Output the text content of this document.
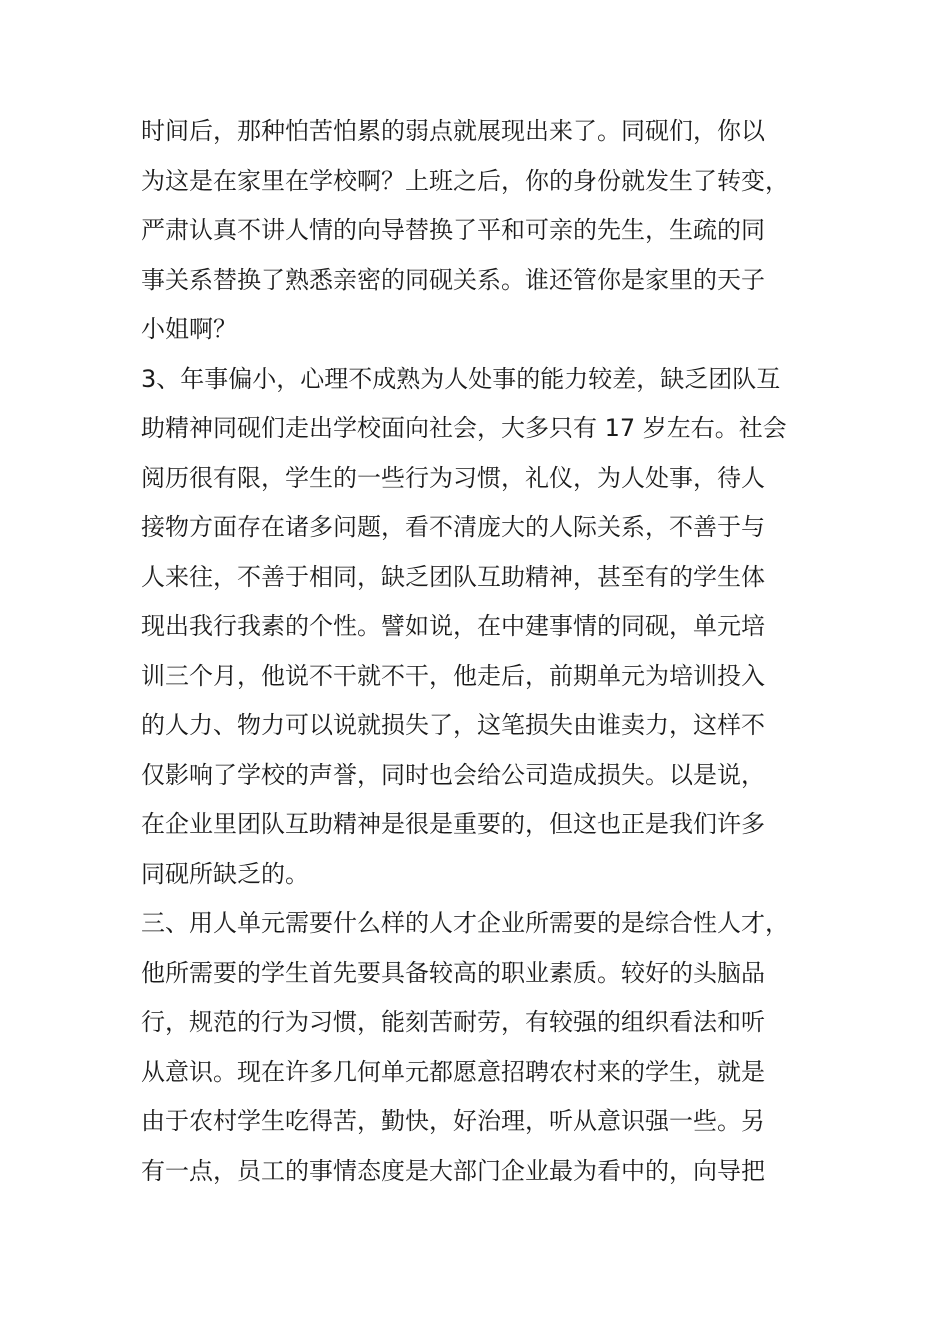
时间后，那种怕苦怕累的弱点就展现出来了。同砚们，你以
为这是在家里在学校啊？上班之后，你的身份就发生了转变，
严肃认真不讲人情的向导替换了平和可亲的先生，生疏的同
事关系替换了熟悉亲密的同砚关系。谁还管你是家里的天子
小姐啊？
3、年事偏小，心理不成熟为人处事的能力较差，缺乏团队互
助精神同砚们走出学校面向社会，大多只有 17 岁左右。社会
阅历很有限，学生的一些行为习惯，礼仪，为人处事，待人
接物方面存在诸多问题，看不清庞大的人际关系，不善于与
人来往，不善于相同，缺乏团队互助精神，甚至有的学生体
现出我行我素的个性。譬如说，在中建事情的同砚，单元培
训三个月，他说不干就不干，他走后，前期单元为培训投入
的人力、物力可以说就损失了，这笔损失由谁卖力，这样不
仅影响了学校的声誉，同时也会给公司造成损失。以是说，
在企业里团队互助精神是很是重要的，但这也正是我们许多
同砚所缺乏的。
三、用人单元需要什么样的人才企业所需要的是综合性人才，
他所需要的学生首先要具备较高的职业素质。较好的头脑品
行，规范的行为习惯，能刻苦耐劳，有较强的组织看法和听
从意识。现在许多几何单元都愿意招聘农村来的学生，就是
由于农村学生吃得苦，勤快，好治理，听从意识强一些。另
有一点，员工的事情态度是大部门企业最为看中的，向导把
